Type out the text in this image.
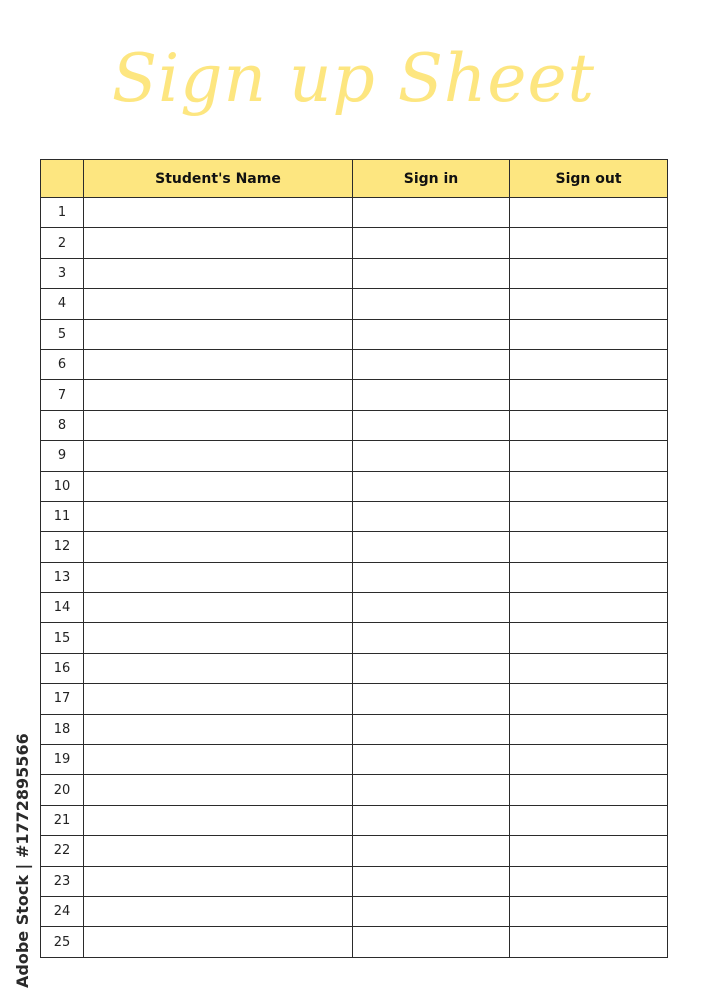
Sign up Sheet
	Student's Name	Sign in	Sign out
1			
2			
3			
4			
5			
6			
7			
8			
9			
10			
11			
12			
13			
14			
15			
16			
17			
18			
19			
20			
21			
22			
23			
24			
25			
Adobe Stock | #1772895566
